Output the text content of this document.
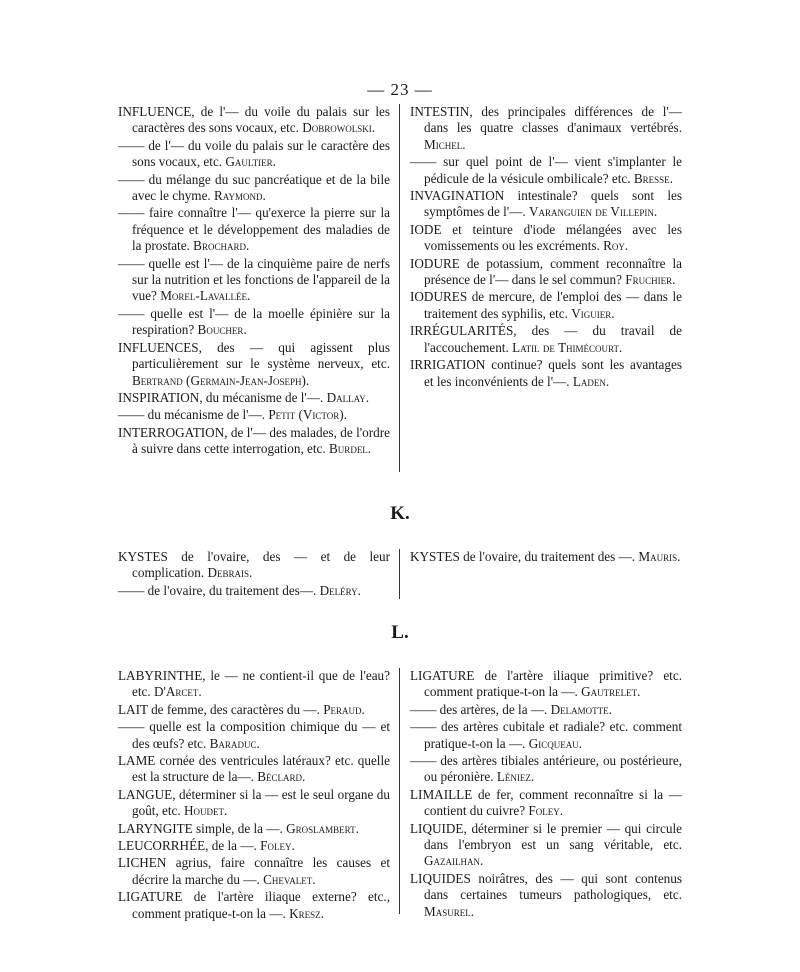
— 23 —

INFLUENCE, de l'— du voile du palais sur les caractères des sons vocaux, etc. Dobrowolski.

—— de l'— du voile du palais sur le caractère des sons vocaux, etc. Gaultier.

—— du mélange du suc pancréatique et de la bile avec le chyme. Raymond.

—— faire connaître l'— qu'exerce la pierre sur la fréquence et le développement des maladies de la prostate. Brochard.

—— quelle est l'— de la cinquième paire de nerfs sur la nutrition et les fonctions de l'appareil de la vue? Morel-Lavallée.

—— quelle est l'— de la moelle épinière sur la respiration? Boucher.

INFLUENCES, des — qui agissent plus particulièrement sur le système nerveux, etc. Bertrand (Germain-Jean-Joseph).

INSPIRATION, du mécanisme de l'—. Dallay.

—— du mécanisme de l'—. Petit (Victor).

INTERROGATION, de l'— des malades, de l'ordre à suivre dans cette interrogation, etc. Burdel.

INTESTIN, des principales différences de l'— dans les quatre classes d'animaux vertébrés. Michel.

—— sur quel point de l'— vient s'implanter le pédicule de la vésicule ombilicale? etc. Bresse.

INVAGINATION intestinale? quels sont les symptômes de l'—. Varanguien de Villepin.

IODE et teinture d'iode mélangées avec les vomissements ou les excréments. Roy.

IODURE de potassium, comment reconnaître la présence de l'— dans le sel commun? Fruchier.

IODURES de mercure, de l'emploi des — dans le traitement des syphilis, etc. Viguier.

IRRÉGULARITÉS, des — du travail de l'accouchement. Latil de Thimécourt.

IRRIGATION continue? quels sont les avantages et les inconvénients de l'—. Laden.

K.

KYSTES de l'ovaire, des — et de leur complication. Debrais.

—— de l'ovaire, du traitement des—. Deléry.

KYSTES de l'ovaire, du traitement des —. Mauris.

L.

LABYRINTHE, le — ne contient-il que de l'eau? etc. D'Arcet.

LAIT de femme, des caractères du —. Peraud.

—— quelle est la composition chimique du — et des œufs? etc. Baraduc.

LAME cornée des ventricules latéraux? etc. quelle est la structure de la—. Béclard.

LANGUE, déterminer si la — est le seul organe du goût, etc. Houdet.

LARYNGITE simple, de la —. Groslambert.

LEUCORRHÉE, de la —. Foley.

LICHEN agrius, faire connaître les causes et décrire la marche du —. Chevalet.

LIGATURE de l'artère iliaque externe? etc., comment pratique-t-on la —. Kresz.

LIGATURE de l'artère iliaque primitive? etc. comment pratique-t-on la —. Gautrelet.

—— des artères, de la —. Delamotte.

—— des artères cubitale et radiale? etc. comment pratique-t-on la —. Gicqueau.

—— des artères tibiales antérieure, ou postérieure, ou péronière. Léniez.

LIMAILLE de fer, comment reconnaître si la — contient du cuivre? Foley.

LIQUIDE, déterminer si le premier — qui circule dans l'embryon est un sang véritable, etc. Gazailhan.

LIQUIDES noirâtres, des — qui sont contenus dans certaines tumeurs pathologiques, etc. Masurel.
